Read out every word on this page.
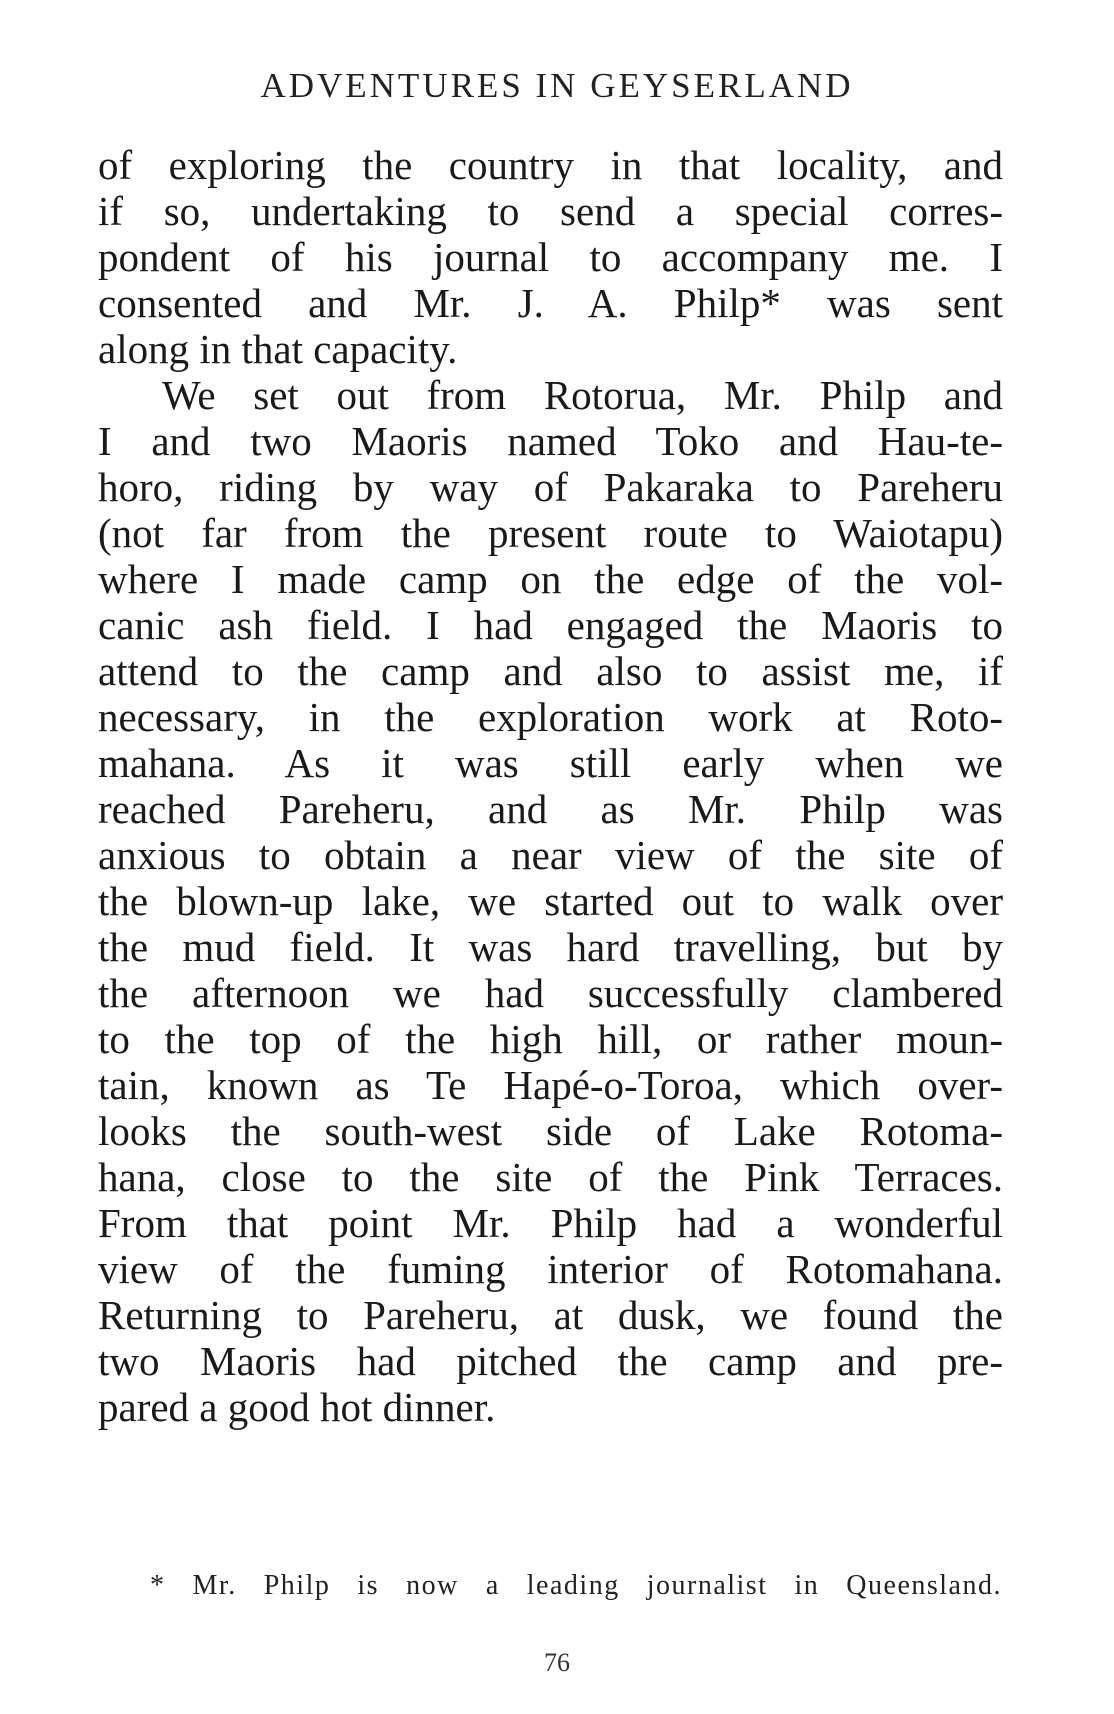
ADVENTURES IN GEYSERLAND
of exploring the country in that locality, and
if so, undertaking to send a special corres-
pondent of his journal to accompany me. I
consented and Mr. J. A. Philp* was sent
along in that capacity.
We set out from Rotorua, Mr. Philp and
I and two Maoris named Toko and Hau-te-
horo, riding by way of Pakaraka to Pareheru
(not far from the present route to Waiotapu)
where I made camp on the edge of the vol-
canic ash field. I had engaged the Maoris to
attend to the camp and also to assist me, if
necessary, in the exploration work at Roto-
mahana. As it was still early when we
reached Pareheru, and as Mr. Philp was
anxious to obtain a near view of the site of
the blown-up lake, we started out to walk over
the mud field. It was hard travelling, but by
the afternoon we had successfully clambered
to the top of the high hill, or rather moun-
tain, known as Te Hapé-o-Toroa, which over-
looks the south-west side of Lake Rotoma-
hana, close to the site of the Pink Terraces.
From that point Mr. Philp had a wonderful
view of the fuming interior of Rotomahana.
Returning to Pareheru, at dusk, we found the
two Maoris had pitched the camp and pre-
pared a good hot dinner.
* Mr. Philp is now a leading journalist in Queensland.
76
